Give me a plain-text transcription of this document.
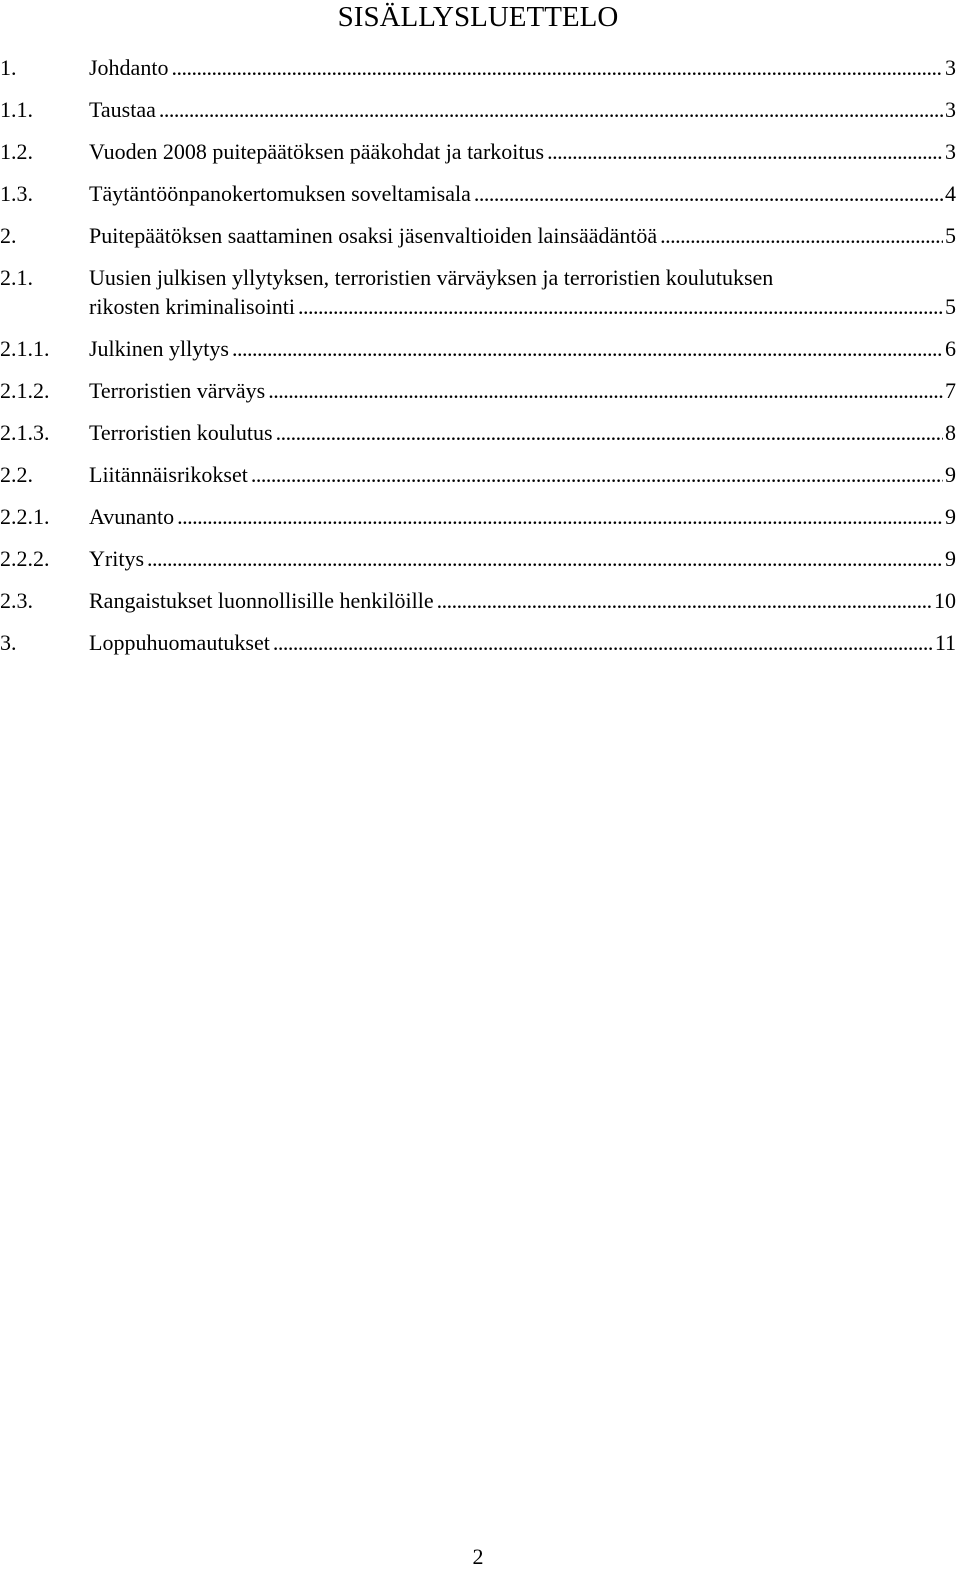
SISÄLLYSLUETTELO
1.	Johdanto . . .	3
1.1.	Taustaa . . .	3
1.2.	Vuoden 2008 puitepäätöksen pääkohdat ja tarkoitus . . .	3
1.3.	Täytäntöönpanokertomuksen soveltamisala . . .	4
2.	Puitepäätöksen saattaminen osaksi jäsenvaltioiden lainsäädäntöä . . .	5
2.1.	Uusien julkisen yllytyksen, terroristien värväyksen ja terroristien koulutuksen
rikosten kriminalisointi . . .	5
2.1.1. Julkinen yllytys . . .	6
2.1.2. Terroristien värväys . . .	7
2.1.3. Terroristien koulutus . . .	8
2.2.	Liitännäisrikokset . . .	9
2.2.1. Avunanto . . .	9
2.2.2. Yritys . . .	9
2.3.	Rangaistukset luonnollisille henkilöille . . .	10
3.	Loppuhuomautukset . . .	11
2
